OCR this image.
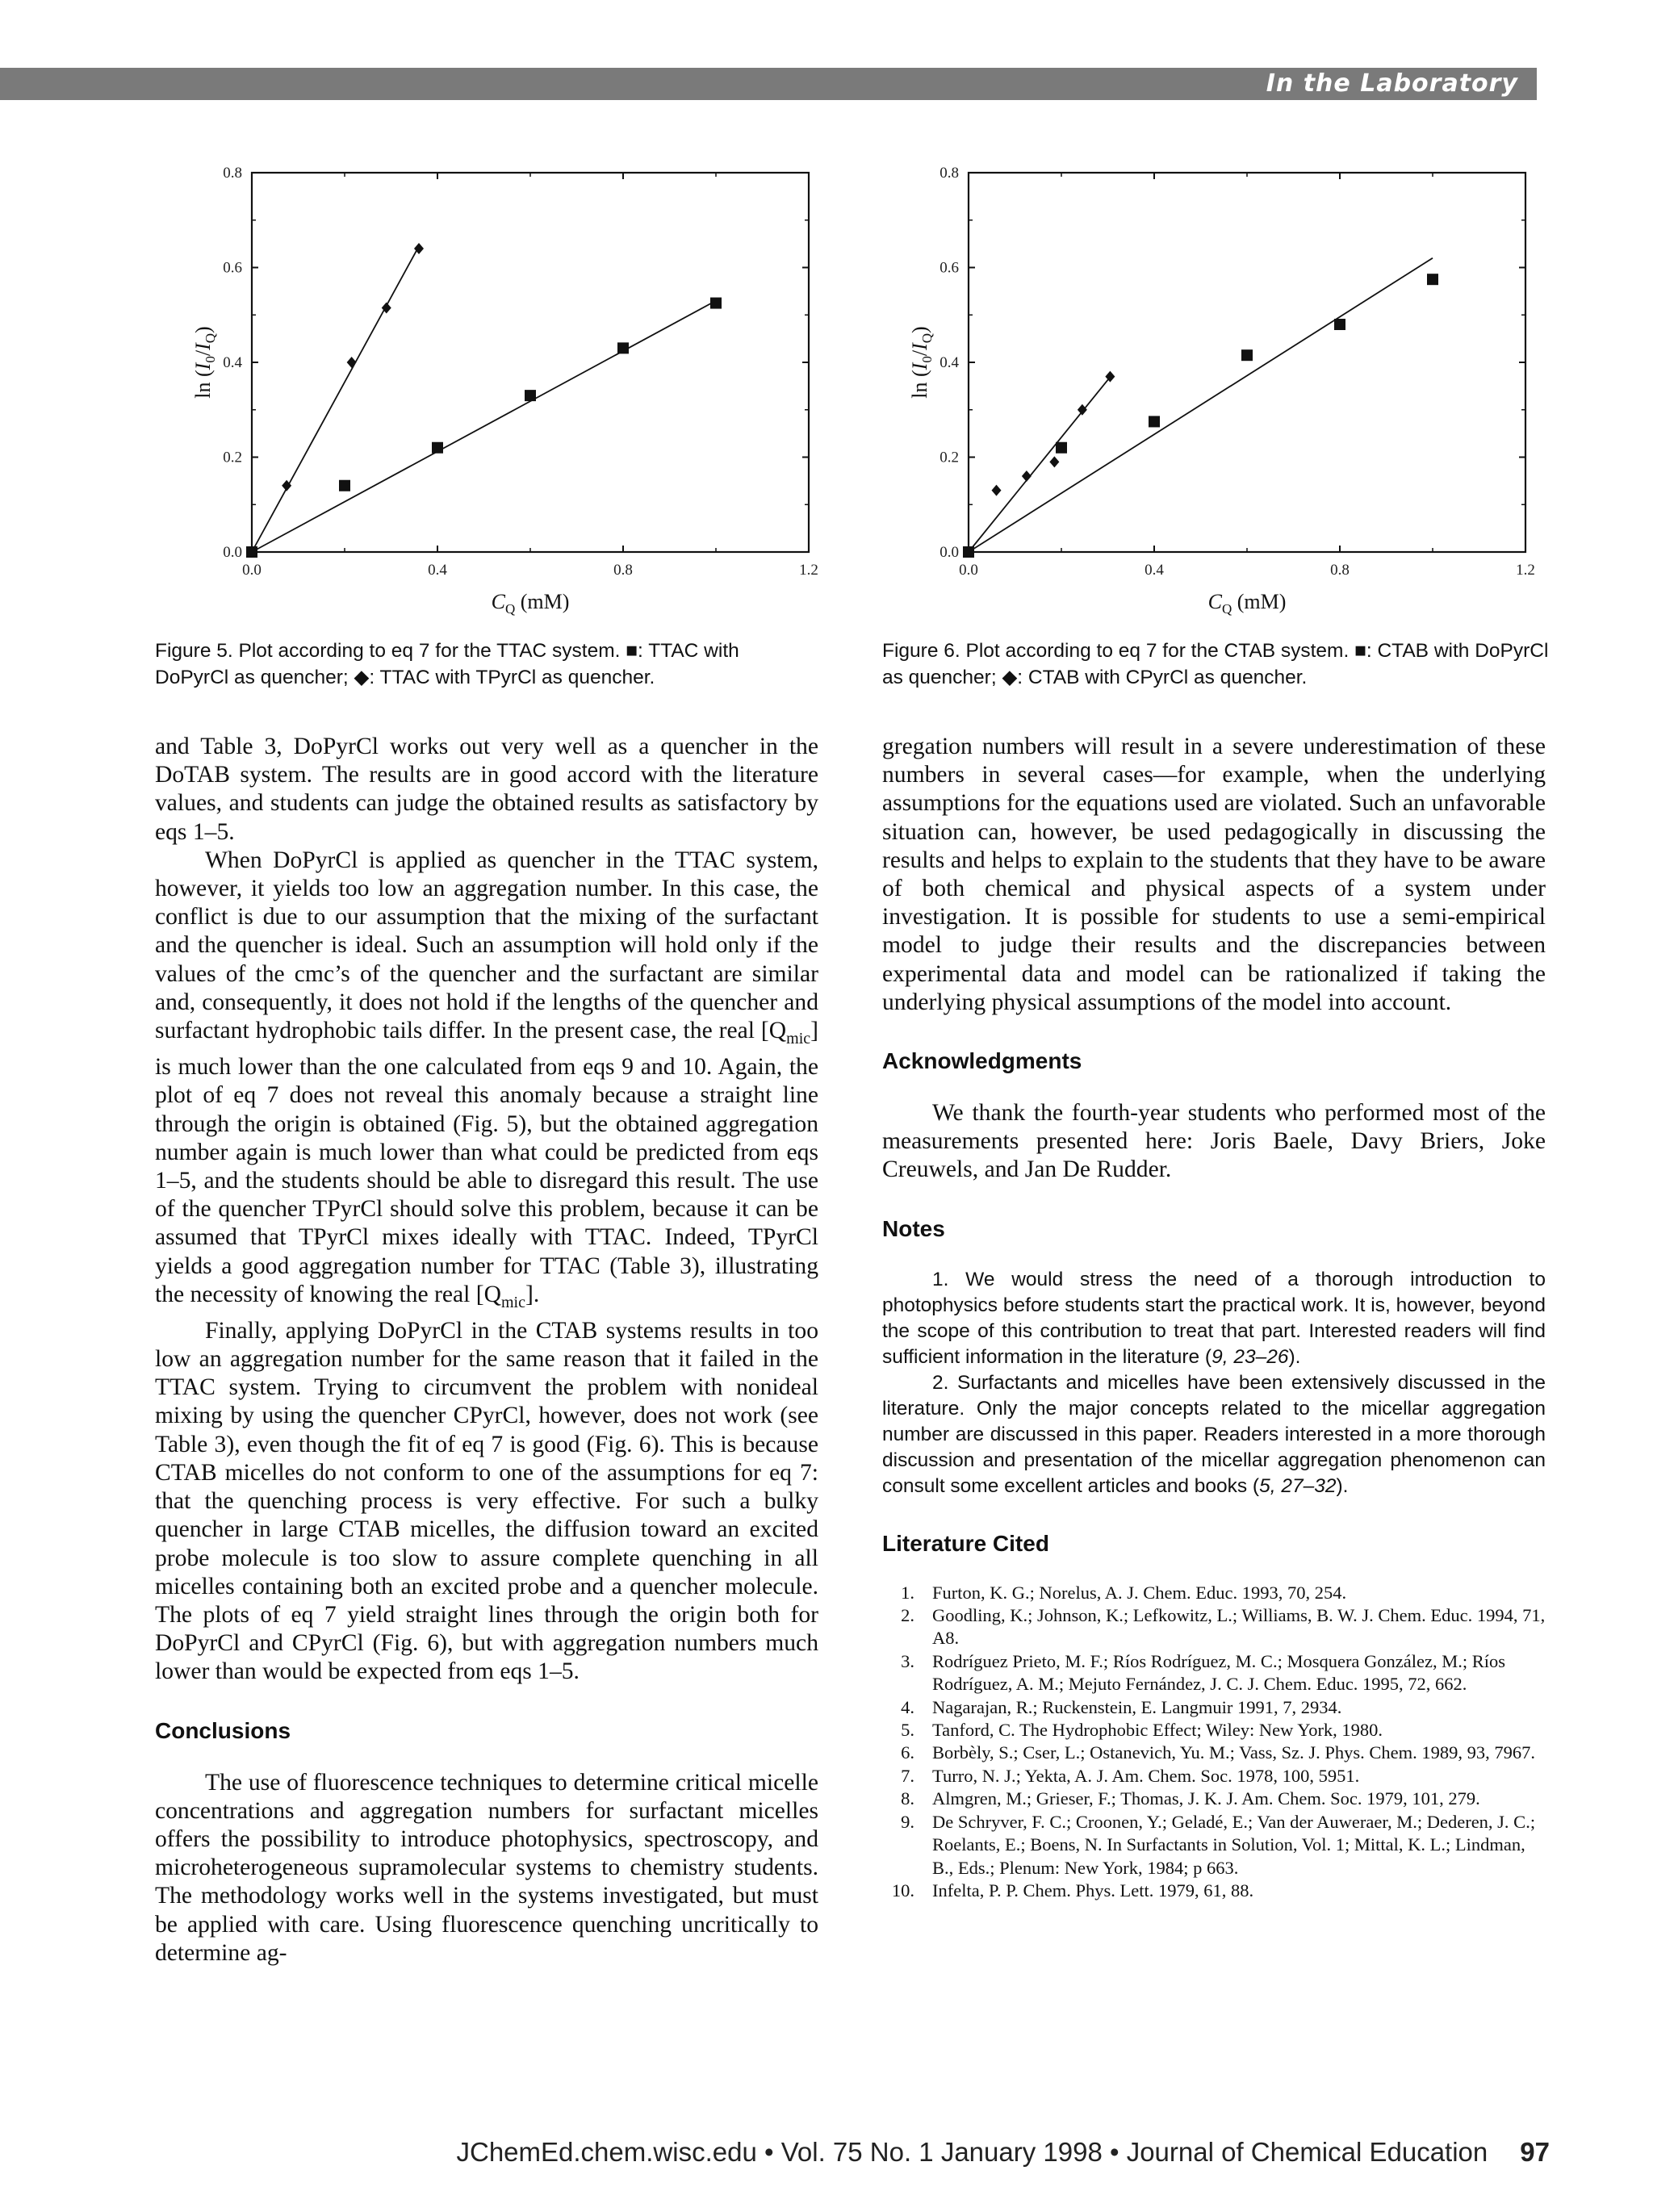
In the Laboratory
0.0	0.4	0.8	1.2
0.0
0.2
0.4
0.6
0.8
$C_Q$ (mM)
$\ln (I_0/I_Q)$
Figure 5. Plot according to eq 7 for the TTAC system. ■: TTAC with DoPyrCl as quencher; ◆: TTAC with TPyrCl as quencher.
0.0	0.4	0.8	1.2
0.0
0.2
0.4
0.6
0.8
$C_Q$ (mM)
$\ln (I_0/I_Q)$
Figure 6. Plot according to eq 7 for the CTAB system. ■: CTAB with DoPyrCl as quencher; ◆: CTAB with CPyrCl as quencher.

and Table 3, DoPyrCl works out very well as a quencher in the DoTAB system. The results are in good accord with the literature values, and students can judge the obtained results as satisfactory by eqs 1–5.

When DoPyrCl is applied as quencher in the TTAC system, however, it yields too low an aggregation number. In this case, the conflict is due to our assumption that the mixing of the surfactant and the quencher is ideal. Such an assumption will hold only if the values of the cmc’s of the quencher and the surfactant are similar and, consequently, it does not hold if the lengths of the quencher and surfactant hydrophobic tails differ. In the present case, the real $[Q_{mic}]$ is much lower than the one calculated from eqs 9 and 10. Again, the plot of eq 7 does not reveal this anomaly because a straight line through the origin is obtained (Fig. 5), but the obtained aggregation number again is much lower than what could be predicted from eqs 1–5, and the students should be able to disregard this result. The use of the quencher TPyrCl should solve this problem, because it can be assumed that TPyrCl mixes ideally with TTAC. Indeed, TPyrCl yields a good aggregation number for TTAC (Table 3), illustrating the necessity of knowing the real $[Q_{mic}]$.

Finally, applying DoPyrCl in the CTAB systems results in too low an aggregation number for the same reason that it failed in the TTAC system. Trying to circumvent the problem with nonideal mixing by using the quencher CPyrCl, however, does not work (see Table 3), even though the fit of eq 7 is good (Fig. 6). This is because CTAB micelles do not conform to one of the assumptions for eq 7: that the quenching process is very effective. For such a bulky quencher in large CTAB micelles, the diffusion toward an excited probe molecule is too slow to assure complete quenching in all micelles containing both an excited probe and a quencher molecule. The plots of eq 7 yield straight lines through the origin both for DoPyrCl and CPyrCl (Fig. 6), but with aggregation numbers much lower than would be expected from eqs 1–5.

Conclusions

The use of fluorescence techniques to determine critical micelle concentrations and aggregation numbers for surfactant micelles offers the possibility to introduce photophysics, spectroscopy, and microheterogeneous supramolecular systems to chemistry students. The methodology works well in the systems investigated, but must be applied with care. Using fluorescence quenching uncritically to determine ag-

gregation numbers will result in a severe underestimation of these numbers in several cases—for example, when the underlying assumptions for the equations used are violated. Such an unfavorable situation can, however, be used pedagogically in discussing the results and helps to explain to the students that they have to be aware of both chemical and physical aspects of a system under investigation. It is possible for students to use a semi-empirical model to judge their results and the discrepancies between experimental data and model can be rationalized if taking the underlying physical assumptions of the model into account.

Acknowledgments

We thank the fourth-year students who performed most of the measurements presented here: Joris Baele, Davy Briers, Joke Creuwels, and Jan De Rudder.

Notes

1. We would stress the need of a thorough introduction to photophysics before students start the practical work. It is, however, beyond the scope of this contribution to treat that part. Interested readers will find sufficient information in the literature (9, 23–26).

2. Surfactants and micelles have been extensively discussed in the literature. Only the major concepts related to the micellar aggregation number are discussed in this paper. Readers interested in a more thorough discussion and presentation of the micellar aggregation phenomenon can consult some excellent articles and books (5, 27–32).

Literature Cited
1. Furton, K. G.; Norelus, A. J. Chem. Educ. 1993, 70, 254.
2. Goodling, K.; Johnson, K.; Lefkowitz, L.; Williams, B. W. J. Chem. Educ. 1994, 71, A8.
3. Rodríguez Prieto, M. F.; Ríos Rodríguez, M. C.; Mosquera González, M.; Ríos Rodríguez, A. M.; Mejuto Fernández, J. C. J. Chem. Educ. 1995, 72, 662.
4. Nagarajan, R.; Ruckenstein, E. Langmuir 1991, 7, 2934.
5. Tanford, C. The Hydrophobic Effect; Wiley: New York, 1980.
6. Borbèly, S.; Cser, L.; Ostanevich, Yu. M.; Vass, Sz. J. Phys. Chem. 1989, 93, 7967.
7. Turro, N. J.; Yekta, A. J. Am. Chem. Soc. 1978, 100, 5951.
8. Almgren, M.; Grieser, F.; Thomas, J. K. J. Am. Chem. Soc. 1979, 101, 279.
9. De Schryver, F. C.; Croonen, Y.; Geladé, E.; Van der Auweraer, M.; Dederen, J. C.; Roelants, E.; Boens, N. In Surfactants in Solution, Vol. 1; Mittal, K. L.; Lindman, B., Eds.; Plenum: New York, 1984; p 663.
10. Infelta, P. P. Chem. Phys. Lett. 1979, 61, 88.
JChemEd.chem.wisc.edu • Vol. 75 No. 1 January 1998 • Journal of Chemical Education 97
